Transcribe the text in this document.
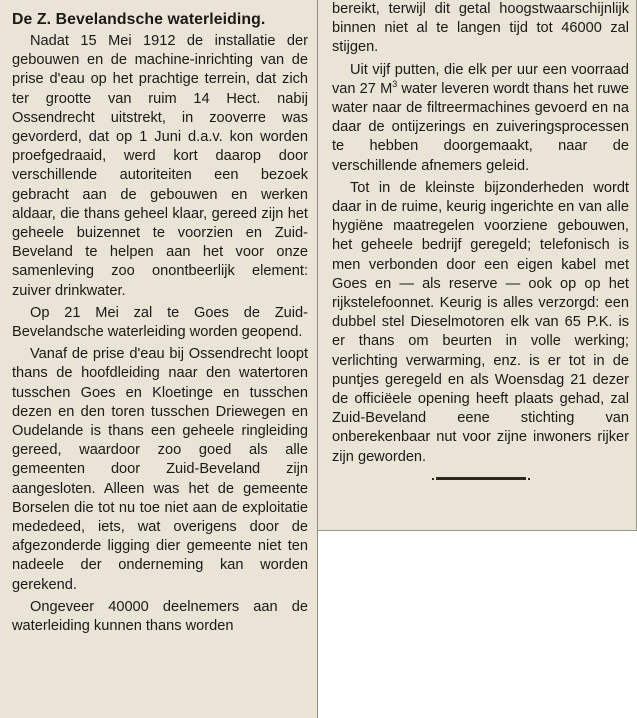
De Z. Bevelandsche waterleiding.

Nadat 15 Mei 1912 de installatie der gebouwen en de machine-inrichting van de prise d'eau op het prachtige terrein, dat zich ter grootte van ruim 14 Hect. nabij Ossendrecht uitstrekt, in zooverre was gevorderd, dat op 1 Juni d.a.v. kon worden proefgedraaid, werd kort daarop door verschillende autoriteiten een bezoek gebracht aan de gebouwen en werken aldaar, die thans geheel klaar, gereed zijn het geheele buizennet te voorzien en Zuid-Beveland te helpen aan het voor onze samenleving zoo onontbeerlijk element: zuiver drinkwater.

Op 21 Mei zal te Goes de Zuid-Bevelandsche waterleiding worden geopend.

Vanaf de prise d'eau bij Ossendrecht loopt thans de hoofdleiding naar den watertoren tusschen Goes en Kloetinge en tusschen dezen en den toren tusschen Driewegen en Oudelande is thans een geheele ringleiding gereed, waardoor zoo goed als alle gemeenten door Zuid-Beveland zijn aangesloten. Alleen was het de gemeente Borselen die tot nu toe niet aan de exploitatie mededeed, iets, wat overigens door de afgezonderde ligging dier gemeente niet ten nadeele der onderneming kan worden gerekend.

Ongeveer 40000 deelnemers aan de waterleiding kunnen thans worden

bereikt, terwijl dit getal hoogstwaarschijnlijk binnen niet al te langen tijd tot 46000 zal stijgen.

Uit vijf putten, die elk per uur een voorraad van 27 $M^3$ water leveren wordt thans het ruwe water naar de filtreermachines gevoerd en na daar de ontijzerings en zuiveringsprocessen te hebben doorgemaakt, naar de verschillende afnemers geleid.

Tot in de kleinste bijzonderheden wordt daar in de ruime, keurig ingerichte en van alle hygiëne maatregelen voorziene gebouwen, het geheele bedrijf geregeld; telefonisch is men verbonden door een eigen kabel met Goes en — als reserve — ook op op het rijkstelefoonnet. Keurig is alles verzorgd: een dubbel stel Dieselmotoren elk van 65 P.K. is er thans om beurten in volle werking; verlichting verwarming, enz. is er tot in de puntjes geregeld en als Woensdag 21 dezer de officiëele opening heeft plaats gehad, zal Zuid-Beveland eene stichting van onberekenbaar nut voor zijne inwoners rijker zijn geworden.
